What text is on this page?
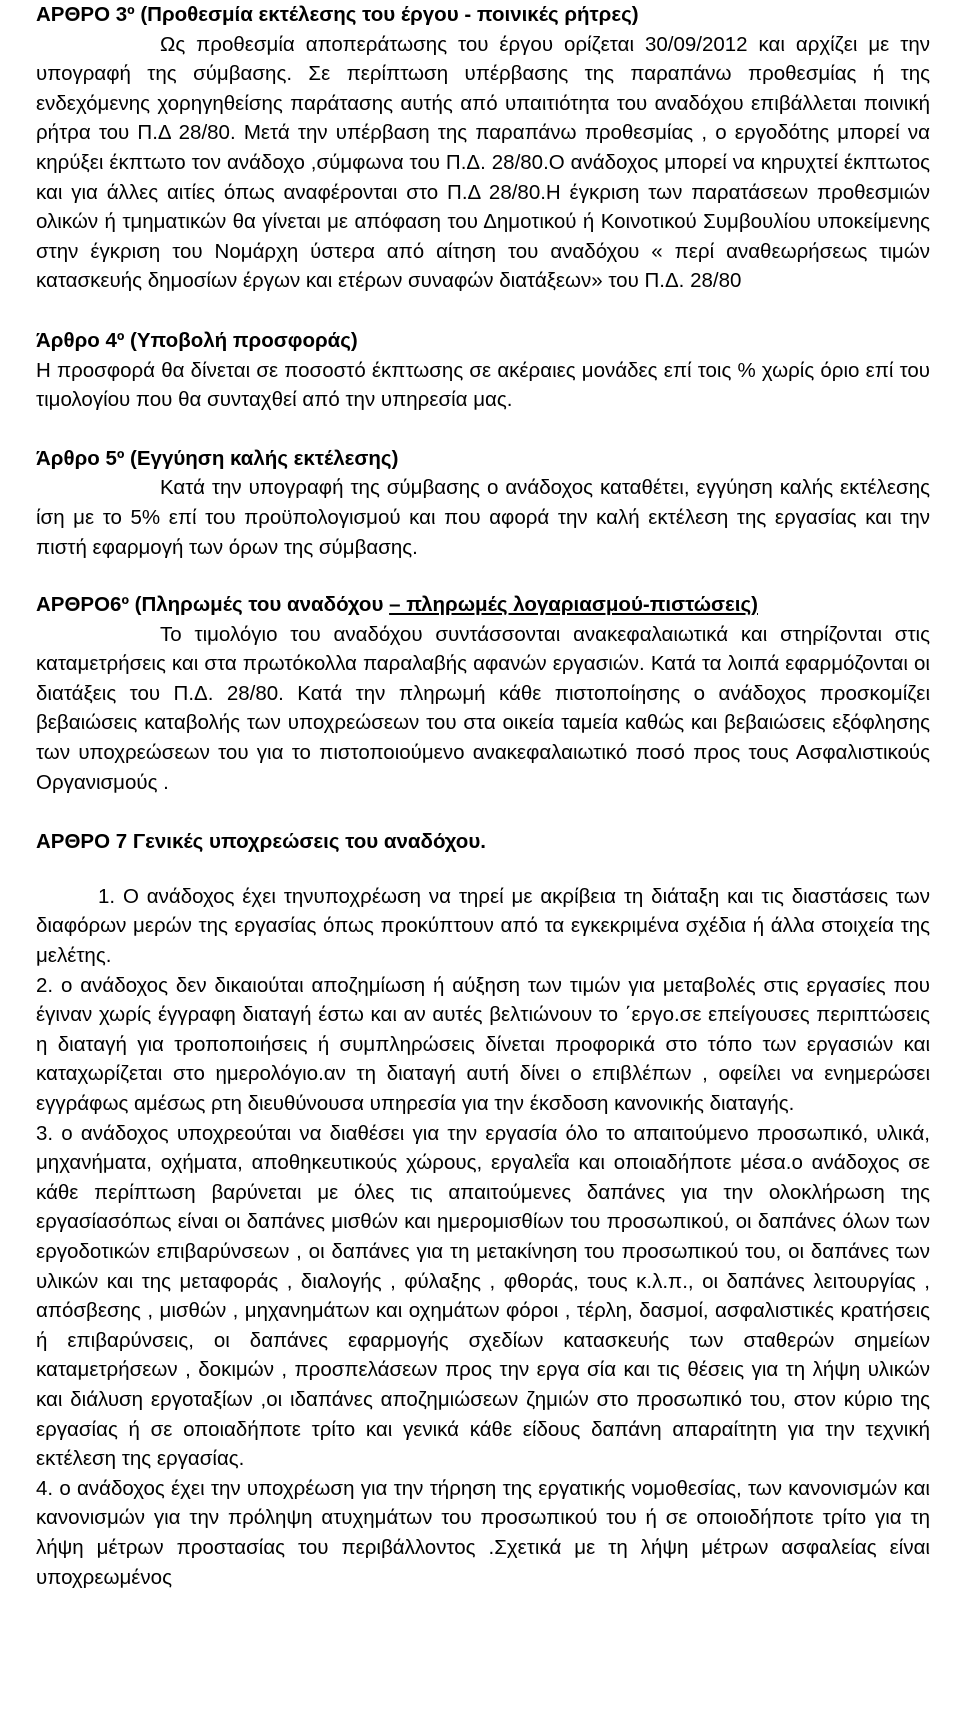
ΑΡΘΡΟ 3º (Προθεσμία εκτέλεσης του έργου - ποινικές ρήτρες)

Ως προθεσμία αποπεράτωσης του έργου ορίζεται 30/09/2012 και αρχίζει με την υπογραφή της σύμβασης. Σε περίπτωση υπέρβασης της παραπάνω προθεσμίας ή της ενδεχόμενης χορηγηθείσης παράτασης αυτής από υπαιτιότητα του αναδόχου επιβάλλεται ποινική ρήτρα του Π.Δ 28/80. Μετά την υπέρβαση της παραπάνω προθεσμίας , ο εργοδότης μπορεί να κηρύξει έκπτωτο τον ανάδοχο ,σύμφωνα του Π.Δ. 28/80.Ο ανάδοχος μπορεί να κηρυχτεί έκπτωτος και για άλλες αιτίες όπως αναφέρονται στο Π.Δ 28/80.Η έγκριση των παρατάσεων προθεσμιών ολικών ή τμηματικών θα γίνεται με απόφαση του Δημοτικού ή Κοινοτικού Συμβουλίου υποκείμενης στην έγκριση του Νομάρχη ύστερα από αίτηση του αναδόχου « περί αναθεωρήσεως τιμών κατασκευής δημοσίων έργων και ετέρων συναφών διατάξεων» του Π.Δ. 28/80

Άρθρο 4º (Υποβολή προσφοράς)

Η προσφορά θα δίνεται σε ποσοστό έκπτωσης σε ακέραιες μονάδες επί τοις % χωρίς όριο επί του τιμολογίου που θα συνταχθεί από την υπηρεσία μας.

Άρθρο 5º (Εγγύηση καλής εκτέλεσης)

Κατά την υπογραφή της σύμβασης ο ανάδοχος καταθέτει, εγγύηση καλής εκτέλεσης ίση με το 5% επί του προϋπολογισμού και που αφορά την καλή εκτέλεση της εργασίας και την πιστή εφαρμογή των όρων της σύμβασης.

ΑΡΘΡΟ6º (Πληρωμές του αναδόχου – πληρωμές λογαριασμού-πιστώσεις)

Το τιμολόγιο του αναδόχου συντάσσονται ανακεφαλαιωτικά και στηρίζονται στις καταμετρήσεις και στα πρωτόκολλα παραλαβής αφανών εργασιών. Κατά τα λοιπά εφαρμόζονται οι διατάξεις του Π.Δ. 28/80. Κατά την πληρωμή κάθε πιστοποίησης ο ανάδοχος προσκομίζει βεβαιώσεις καταβολής των υποχρεώσεων του στα οικεία ταμεία καθώς και βεβαιώσεις εξόφλησης των υποχρεώσεων του για το πιστοποιούμενο ανακεφαλαιωτικό ποσό προς τους Ασφαλιστικούς Οργανισμούς .

ΑΡΘΡΟ 7 Γενικές υποχρεώσεις του αναδόχου.

1. Ο ανάδοχος έχει τηνυποχρέωση να τηρεί με ακρίβεια τη διάταξη και τις διαστάσεις των διαφόρων μερών της εργασίας όπως προκύπτουν από τα εγκεκριμένα σχέδια ή άλλα στοιχεία της μελέτης.

2. ο ανάδοχος δεν δικαιούται αποζημίωση ή αύξηση των τιμών για μεταβολές στις εργασίες που έγιναν χωρίς έγγραφη διαταγή έστω και αν αυτές βελτιώνουν το ΄εργο.σε επείγουσες περιπτώσεις η διαταγή για τροποποιήσεις ή συμπληρώσεις δίνεται προφορικά στο τόπο των εργασιών και καταχωρίζεται στο ημερολόγιο.αν τη διαταγή αυτή δίνει ο επιβλέπων , οφείλει να ενημερώσει εγγράφως αμέσως ρτη διευθύνουσα υπηρεσία για την έκσδοση κανονικής διαταγής.

3. ο ανάδοχος υποχρεούται να διαθέσει για την εργασία όλο το απαιτούμενο προσωπικό, υλικά, μηχανήματα, οχήματα, αποθηκευτικούς χώρους, εργαλεΐα και οποιαδήποτε μέσα.ο ανάδοχος σε κάθε περίπτωση βαρύνεται με όλες τις απαιτούμενες δαπάνες για την ολοκλήρωση της εργασίασόπως είναι οι δαπάνες μισθών και ημερομισθίων του προσωπικού, οι δαπάνες όλων των εργοδοτικών επιβαρύνσεων , οι δαπάνες για τη μετακίνηση του προσωπικού του, οι δαπάνες των υλικών και της μεταφοράς , διαλογής , φύλαξης , φθοράς, τους κ.λ.π., οι δαπάνες λειτουργίας , απόσβεσης , μισθών , μηχανημάτων και οχημάτων φόροι , τέρλη, δασμοί, ασφαλιστικές κρατήσεις ή επιβαρύνσεις, οι δαπάνες εφαρμογής σχεδίων κατασκευής των σταθερών σημείων καταμετρήσεων , δοκιμών , προσπελάσεων προς την εργα σία και τις θέσεις για τη λήψη υλικών και διάλυση εργοταξίων ,οι ιδαπάνες αποζημιώσεων ζημιών στο προσωπικό του, στον κύριο της εργασίας ή σε οποιαδήποτε τρίτο και γενικά κάθε είδους δαπάνη απαραίτητη για την τεχνική εκτέλεση της εργασίας.

4. ο ανάδοχος έχει την υποχρέωση για την τήρηση της εργατικής νομοθεσίας, των κανονισμών και κανονισμών για την πρόληψη ατυχημάτων του προσωπικού του ή σε οποιοδήποτε τρίτο για τη λήψη μέτρων προστασίας του περιβάλλοντος .Σχετικά με τη λήψη μέτρων ασφαλείας είναι υποχρεωμένος
